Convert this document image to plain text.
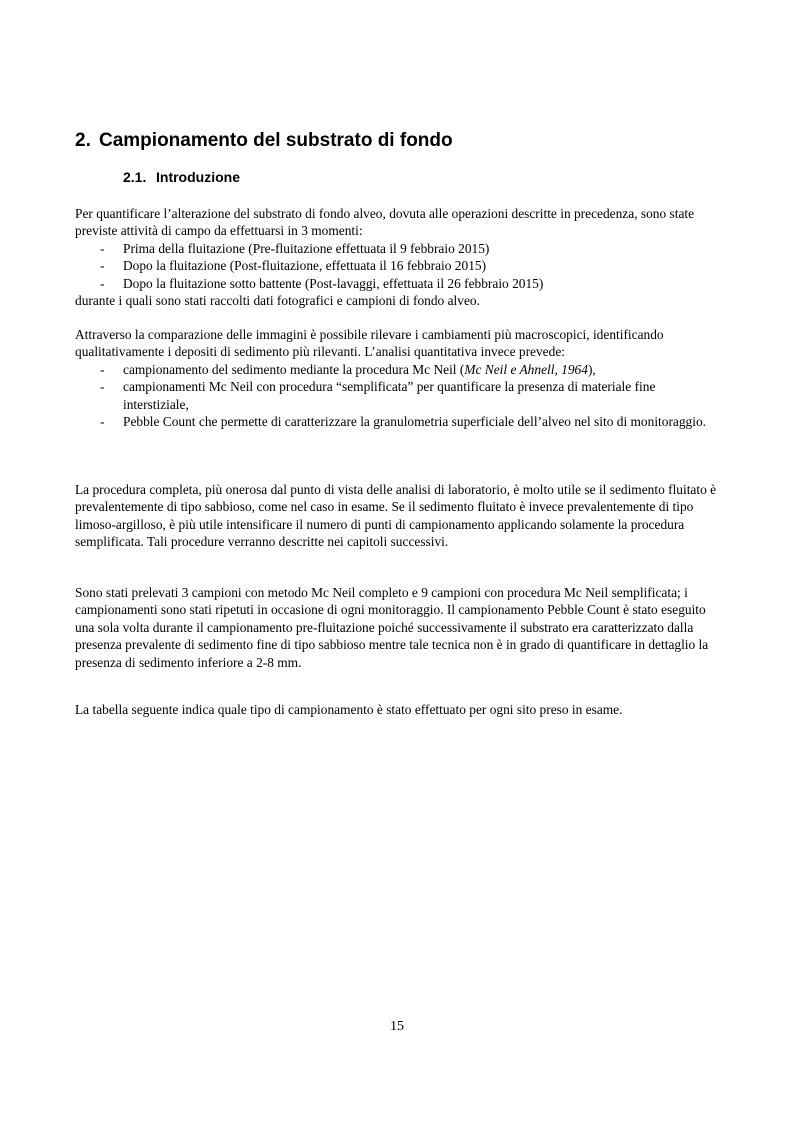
2. Campionamento del substrato di fondo
2.1. Introduzione

Per quantificare l’alterazione del substrato di fondo alveo, dovuta alle operazioni descritte in precedenza, sono state previste attività di campo da effettuarsi in 3 momenti:

- Prima della fluitazione (Pre-fluitazione effettuata il 9 febbraio 2015)
- Dopo la fluitazione (Post-fluitazione, effettuata il 16 febbraio 2015)
- Dopo la fluitazione sotto battente (Post-lavaggi, effettuata il 26 febbraio 2015)

durante i quali sono stati raccolti dati fotografici e campioni di fondo alveo.

Attraverso la comparazione delle immagini è possibile rilevare i cambiamenti più macroscopici, identificando qualitativamente i depositi di sedimento più rilevanti. L’analisi quantitativa invece prevede:

- campionamento del sedimento mediante la procedura Mc Neil (Mc Neil e Ahnell, 1964),
- campionamenti Mc Neil con procedura “semplificata” per quantificare la presenza di materiale fine interstiziale,
- Pebble Count che permette di caratterizzare la granulometria superficiale dell’alveo nel sito di monitoraggio.

La procedura completa, più onerosa dal punto di vista delle analisi di laboratorio, è molto utile se il sedimento fluitato è prevalentemente di tipo sabbioso, come nel caso in esame. Se il sedimento fluitato è invece prevalentemente di tipo limoso-argilloso, è più utile intensificare il numero di punti di campionamento applicando solamente la procedura semplificata. Tali procedure verranno descritte nei capitoli successivi.

Sono stati prelevati 3 campioni con metodo Mc Neil completo e 9 campioni con procedura Mc Neil semplificata; i campionamenti sono stati ripetuti in occasione di ogni monitoraggio. Il campionamento Pebble Count è stato eseguito una sola volta durante il campionamento pre-fluitazione poiché successivamente il substrato era caratterizzato dalla presenza prevalente di sedimento fine di tipo sabbioso mentre tale tecnica non è in grado di quantificare in dettaglio la presenza di sedimento inferiore a 2-8 mm.

La tabella seguente indica quale tipo di campionamento è stato effettuato per ogni sito preso in esame.

15
